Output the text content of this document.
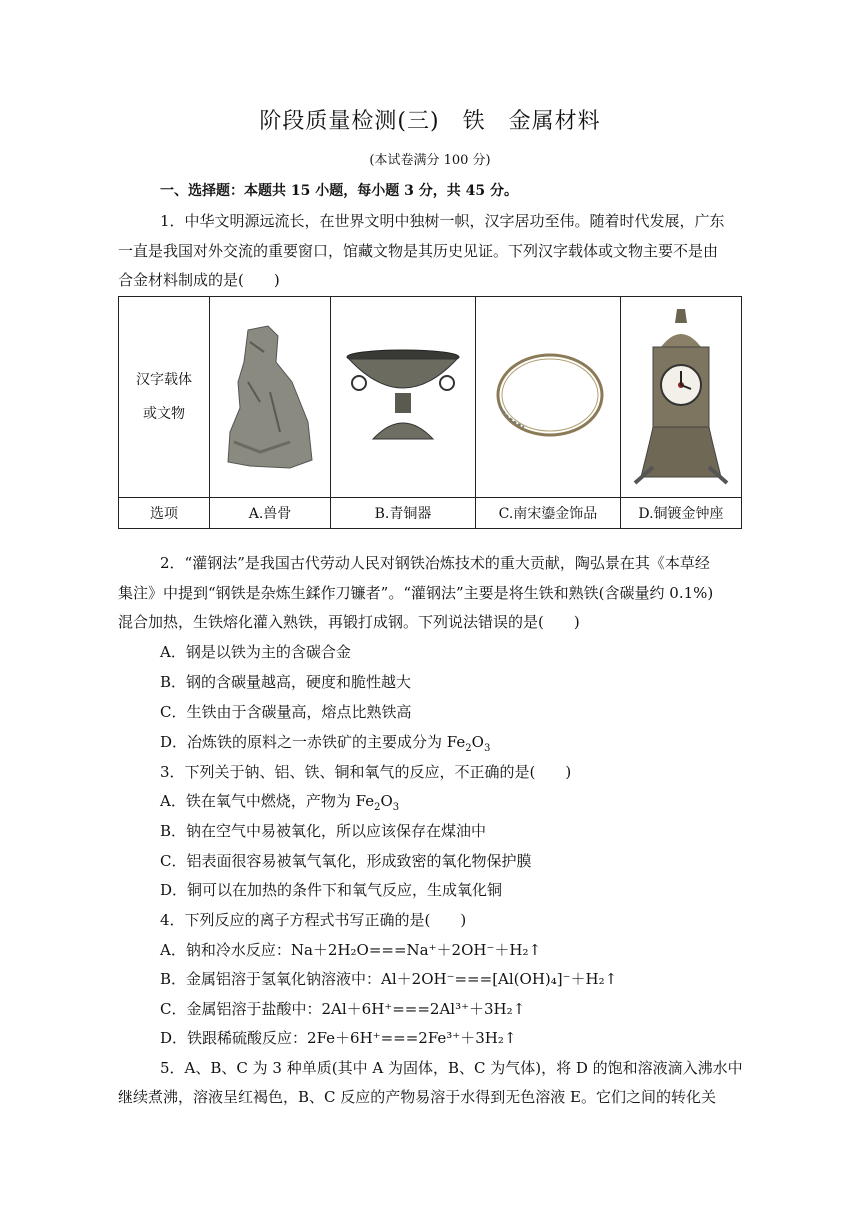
阶段质量检测(三)　铁　金属材料
(本试卷满分 100 分)
一、选择题：本题共 15 小题，每小题 3 分，共 45 分。
1．中华文明源远流长，在世界文明中独树一帜，汉字居功至伟。随着时代发展，广东
一直是我国对外交流的重要窗口，馆藏文物是其历史见证。下列汉字载体或文物主要不是由
合金材料制成的是(　　)
汉字载体
或文物

选项	A.兽骨	B.青铜器	C.南宋鎏金饰品	D.铜镀金钟座
2．“灌钢法”是我国古代劳动人民对钢铁冶炼技术的重大贡献，陶弘景在其《本草经
集注》中提到“钢铁是杂炼生鍒作刀镰者”。“灌钢法”主要是将生铁和熟铁(含碳量约 0.1%)
混合加热，生铁熔化灌入熟铁，再锻打成钢。下列说法错误的是(　　)
A．钢是以铁为主的含碳合金
B．钢的含碳量越高，硬度和脆性越大
C．生铁由于含碳量高，熔点比熟铁高
D．冶炼铁的原料之一赤铁矿的主要成分为 $Fe_2O_3$
3．下列关于钠、铝、铁、铜和氧气的反应，不正确的是(　　)
A．铁在氧气中燃烧，产物为 $Fe_2O_3$
B．钠在空气中易被氧化，所以应该保存在煤油中
C．铝表面很容易被氧气氧化，形成致密的氧化物保护膜
D．铜可以在加热的条件下和氧气反应，生成氧化铜
4．下列反应的离子方程式书写正确的是(　　)
A．钠和冷水反应：Na＋2H₂O===Na⁺＋2OH⁻＋H₂↑
B．金属铝溶于氢氧化钠溶液中：Al＋2OH⁻===[Al(OH)₄]⁻＋H₂↑
C．金属铝溶于盐酸中：2Al＋6H⁺===2Al³⁺＋3H₂↑
D．铁跟稀硫酸反应：2Fe＋6H⁺===2Fe³⁺＋3H₂↑
5．A、B、C 为 3 种单质(其中 A 为固体，B、C 为气体)，将 D 的饱和溶液滴入沸水中
继续煮沸，溶液呈红褐色，B、C 反应的产物易溶于水得到无色溶液 E。它们之间的转化关
